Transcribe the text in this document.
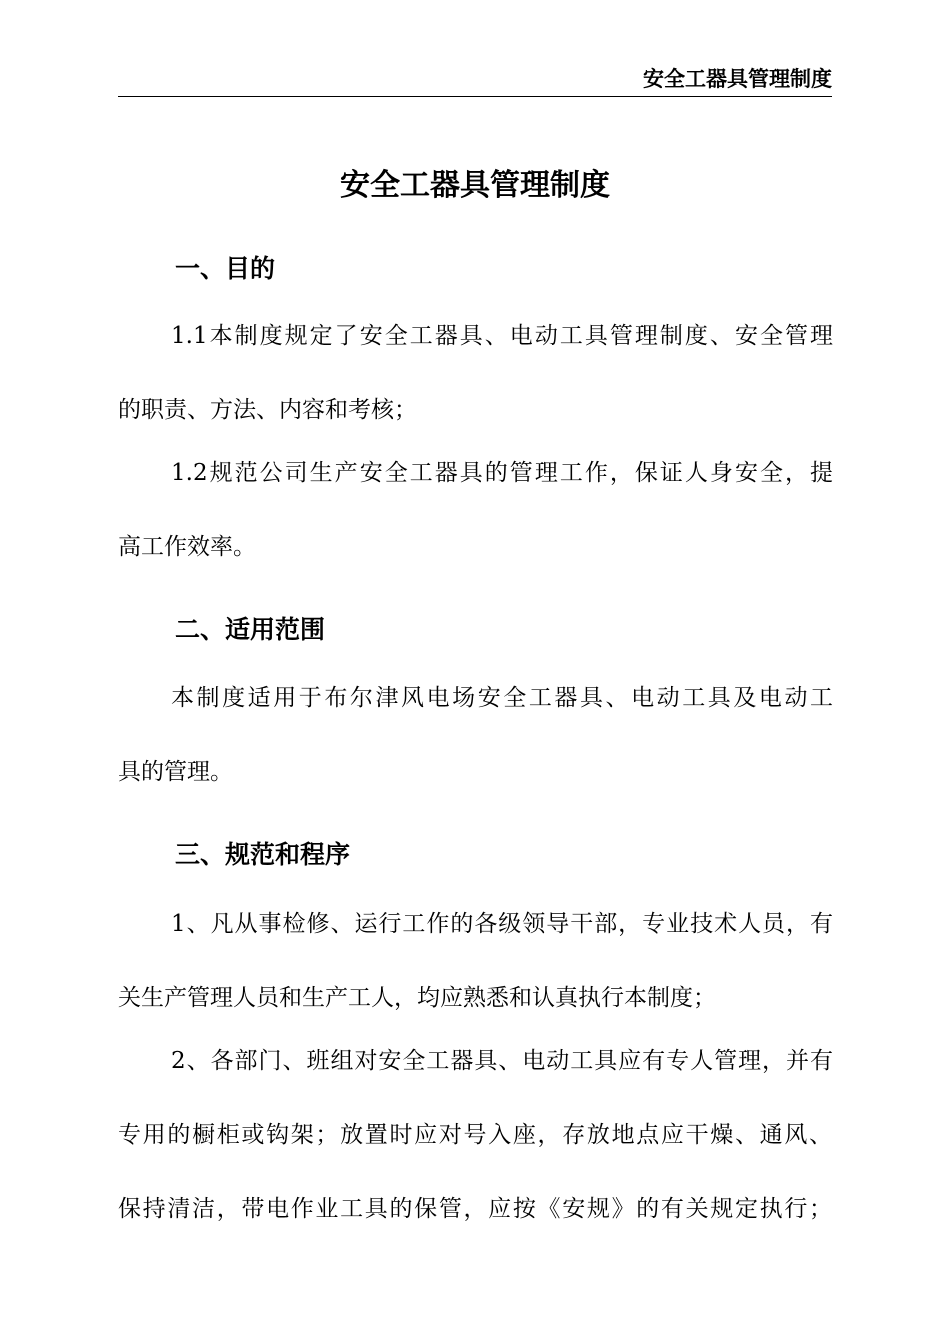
安全工器具管理制度
安全工器具管理制度
一、目的
1.1本制度规定了安全工器具、电动工具管理制度、安全管理
的职责、方法、内容和考核；
1.2规范公司生产安全工器具的管理工作，保证人身安全，提
高工作效率。
二、适用范围
本制度适用于布尔津风电场安全工器具、电动工具及电动工
具的管理。
三、规范和程序
1、凡从事检修、运行工作的各级领导干部，专业技术人员，有
关生产管理人员和生产工人，均应熟悉和认真执行本制度；
2、各部门、班组对安全工器具、电动工具应有专人管理，并有
专用的橱柜或钩架；放置时应对号入座，存放地点应干燥、通风、
保持清洁，带电作业工具的保管，应按《安规》的有关规定执行；
